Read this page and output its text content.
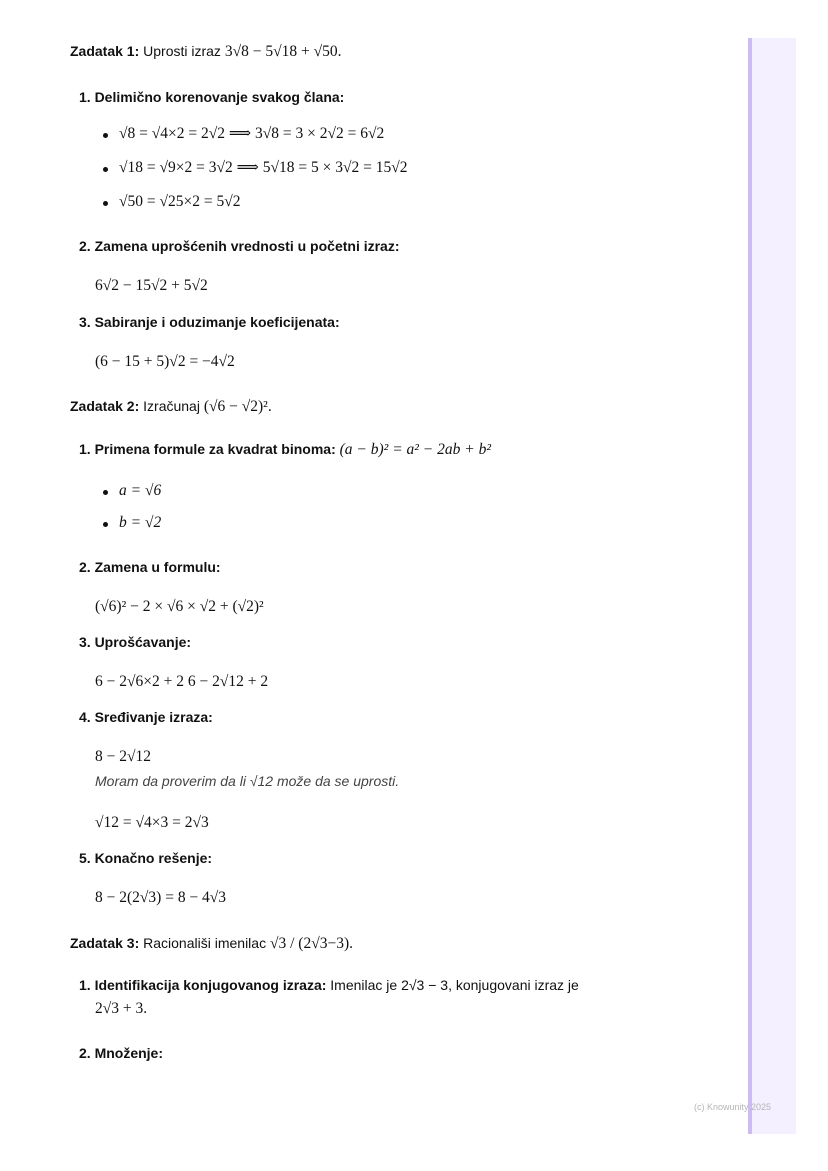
(c) Knowunity 2025
Zadatak 1: Uprosti izraz 3√8 − 5√18 + √50.
1. Delimično korenovanje svakog člana:
√8 = √4×2 = 2√2 ⟹ 3√8 = 3 × 2√2 = 6√2
√18 = √9×2 = 3√2 ⟹ 5√18 = 5 × 3√2 = 15√2
√50 = √25×2 = 5√2
2. Zamena uprošćenih vrednosti u početni izraz:
6√2 − 15√2 + 5√2
3. Sabiranje i oduzimanje koeficijenata:
(6 − 15 + 5)√2 = −4√2
Zadatak 2: Izračunaj (√6 − √2)².
1. Primena formule za kvadrat binoma: (a − b)² = a² − 2ab + b²
a = √6
b = √2
2. Zamena u formulu:
(√6)² − 2 × √6 × √2 + (√2)²
3. Uprošćavanje:
6 − 2√6×2 + 2 6 − 2√12 + 2
4. Sređivanje izraza:
8 − 2√12
Moram da proverim da li √12 može da se uprosti.
√12 = √4×3 = 2√3
5. Konačno rešenje:
8 − 2(2√3) = 8 − 4√3
Zadatak 3: Racionališi imenilac √3 / (2√3−3).
1. Identifikacija konjugovanog izraza: Imenilac je 2√3 − 3, konjugovani izraz je
2√3 + 3.
2. Množenje:
